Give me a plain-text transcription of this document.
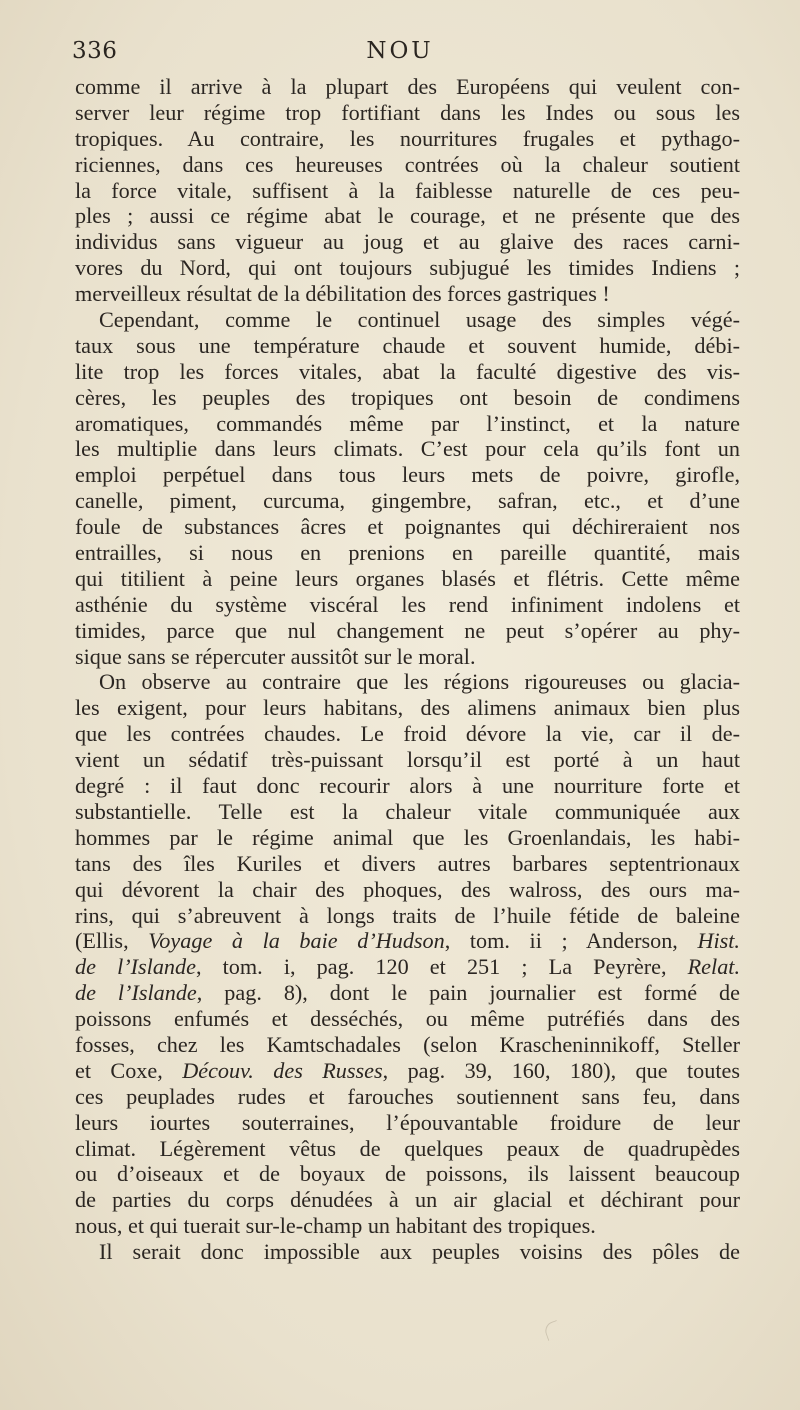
336	NOU
comme il arrive à la plupart des Européens qui veulent con-
server leur régime trop fortifiant dans les Indes ou sous les
tropiques. Au contraire, les nourritures frugales et pythago-
riciennes, dans ces heureuses contrées où la chaleur soutient
la force vitale, suffisent à la faiblesse naturelle de ces peu-
ples ; aussi ce régime abat le courage, et ne présente que des
individus sans vigueur au joug et au glaive des races carni-
vores du Nord, qui ont toujours subjugué les timides Indiens ;
merveilleux résultat de la débilitation des forces gastriques !
Cependant, comme le continuel usage des simples végé-
taux sous une température chaude et souvent humide, débi-
lite trop les forces vitales, abat la faculté digestive des vis-
cères, les peuples des tropiques ont besoin de condimens
aromatiques, commandés même par l’instinct, et la nature
les multiplie dans leurs climats. C’est pour cela qu’ils font un
emploi perpétuel dans tous leurs mets de poivre, girofle,
canelle, piment, curcuma, gingembre, safran, etc., et d’une
foule de substances âcres et poignantes qui déchireraient nos
entrailles, si nous en prenions en pareille quantité, mais
qui titilient à peine leurs organes blasés et flétris. Cette même
asthénie du système viscéral les rend infiniment indolens et
timides, parce que nul changement ne peut s’opérer au phy-
sique sans se répercuter aussitôt sur le moral.
On observe au contraire que les régions rigoureuses ou glacia-
les exigent, pour leurs habitans, des alimens animaux bien plus
que les contrées chaudes. Le froid dévore la vie, car il de-
vient un sédatif très-puissant lorsqu’il est porté à un haut
degré : il faut donc recourir alors à une nourriture forte et
substantielle. Telle est la chaleur vitale communiquée aux
hommes par le régime animal que les Groenlandais, les habi-
tans des îles Kuriles et divers autres barbares septentrionaux
qui dévorent la chair des phoques, des walross, des ours ma-
rins, qui s’abreuvent à longs traits de l’huile fétide de baleine
(Ellis, Voyage à la baie d’Hudson, tom. ii ; Anderson, Hist.
de l’Islande, tom. i, pag. 120 et 251 ; La Peyrère, Relat.
de l’Islande, pag. 8), dont le pain journalier est formé de
poissons enfumés et desséchés, ou même putréfiés dans des
fosses, chez les Kamtschadales (selon Krascheninnikoff, Steller
et Coxe, Découv. des Russes, pag. 39, 160, 180), que toutes
ces peuplades rudes et farouches soutiennent sans feu, dans
leurs iourtes souterraines, l’épouvantable froidure de leur
climat. Légèrement vêtus de quelques peaux de quadrupèdes
ou d’oiseaux et de boyaux de poissons, ils laissent beaucoup
de parties du corps dénudées à un air glacial et déchirant pour
nous, et qui tuerait sur-le-champ un habitant des tropiques.
Il serait donc impossible aux peuples voisins des pôles de
